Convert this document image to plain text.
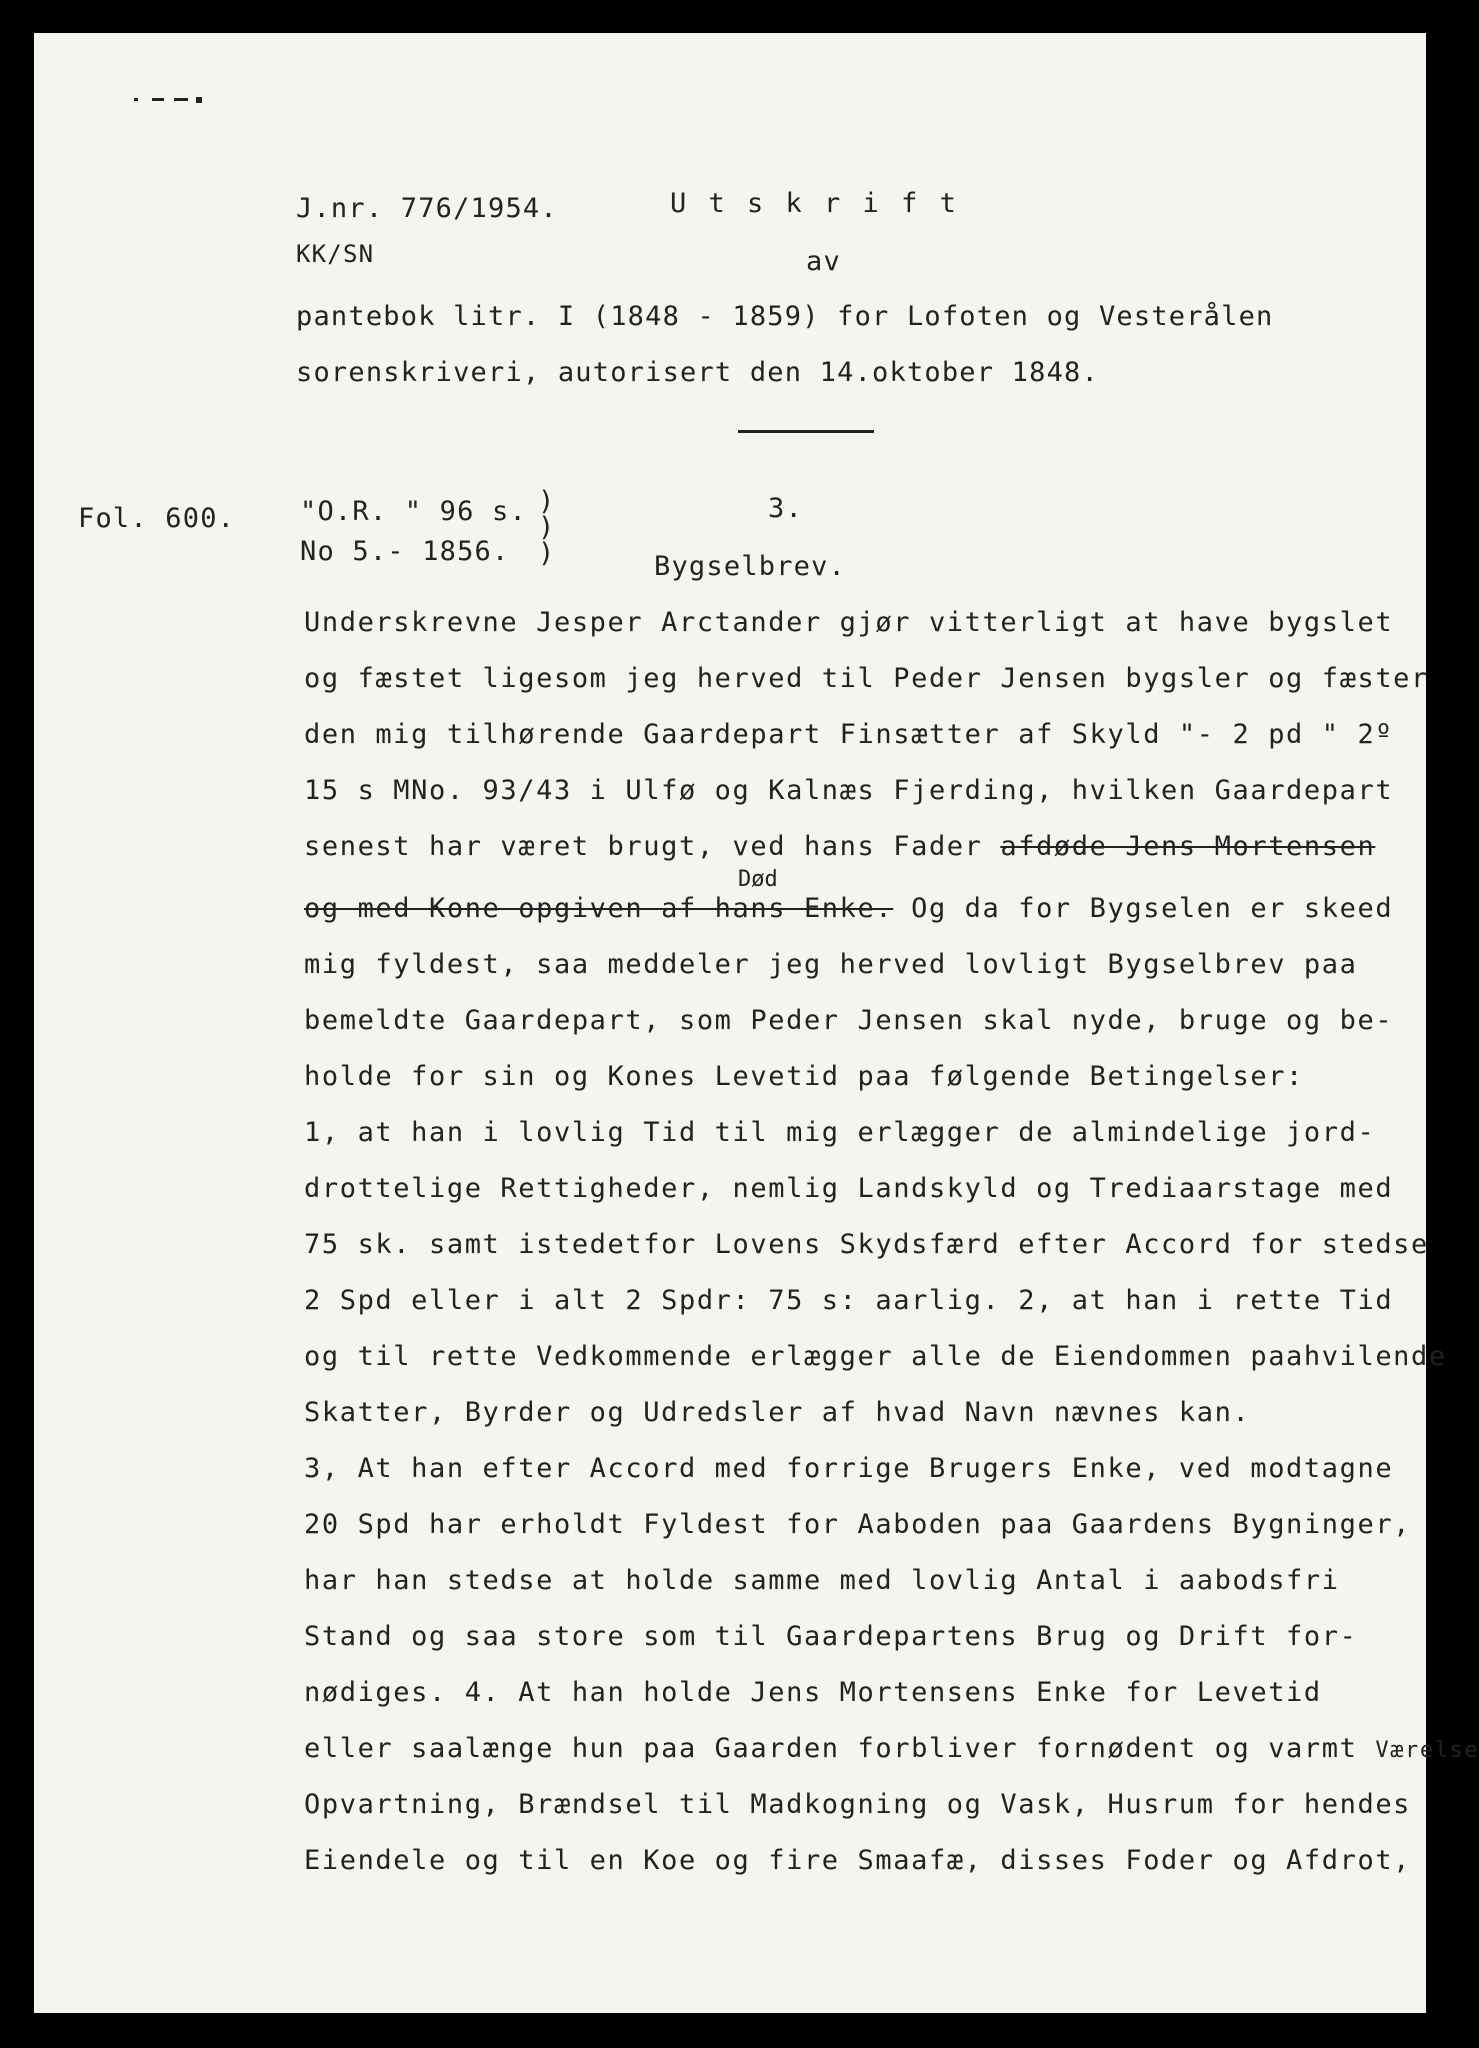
J.nr. 776/1954.
KK/SN
U t s k r i f t
av
pantebok litr. I (1848 - 1859) for Lofoten og Vesterålen
sorenskriveri, autorisert den 14.oktober 1848.
Fol. 600. "O.R. " 96 s.
No 5.- 1856.
)
)
)
3.
Bygselbrev.
Underskrevne Jesper Arctander gjør vitterligt at have bygslet
og fæstet ligesom jeg herved til Peder Jensen bygsler og fæster
den mig tilhørende Gaardepart Finsætter af Skyld "- 2 pd " 2º
15 s MNo. 93/43 i Ulfø og Kalnæs Fjerding, hvilken Gaardepart
senest har været brugt, ved hans Fader afdøde Jens Mortensen
Død
og med Kone opgiven af hans Enke. Og da for Bygselen er skeed
mig fyldest, saa meddeler jeg herved lovligt Bygselbrev paa
bemeldte Gaardepart, som Peder Jensen skal nyde, bruge og be-
holde for sin og Kones Levetid paa følgende Betingelser:
1, at han i lovlig Tid til mig erlægger de almindelige jord-
drottelige Rettigheder, nemlig Landskyld og Trediaarstage med
75 sk. samt istedetfor Lovens Skydsfærd efter Accord for stedse
2 Spd eller i alt 2 Spdr: 75 s: aarlig. 2, at han i rette Tid
og til rette Vedkommende erlægger alle de Eiendommen paahvilende
Skatter, Byrder og Udredsler af hvad Navn nævnes kan.
3, At han efter Accord med forrige Brugers Enke, ved modtagne
20 Spd har erholdt Fyldest for Aaboden paa Gaardens Bygninger,
har han stedse at holde samme med lovlig Antal i aabodsfri
Stand og saa store som til Gaardepartens Brug og Drift for-
nødiges. 4. At han holde Jens Mortensens Enke for Levetid
eller saalænge hun paa Gaarden forbliver fornødent og varmt Værelse
Opvartning, Brændsel til Madkogning og Vask, Husrum for hendes
Eiendele og til en Koe og fire Smaafæ, disses Foder og Afdrot,
